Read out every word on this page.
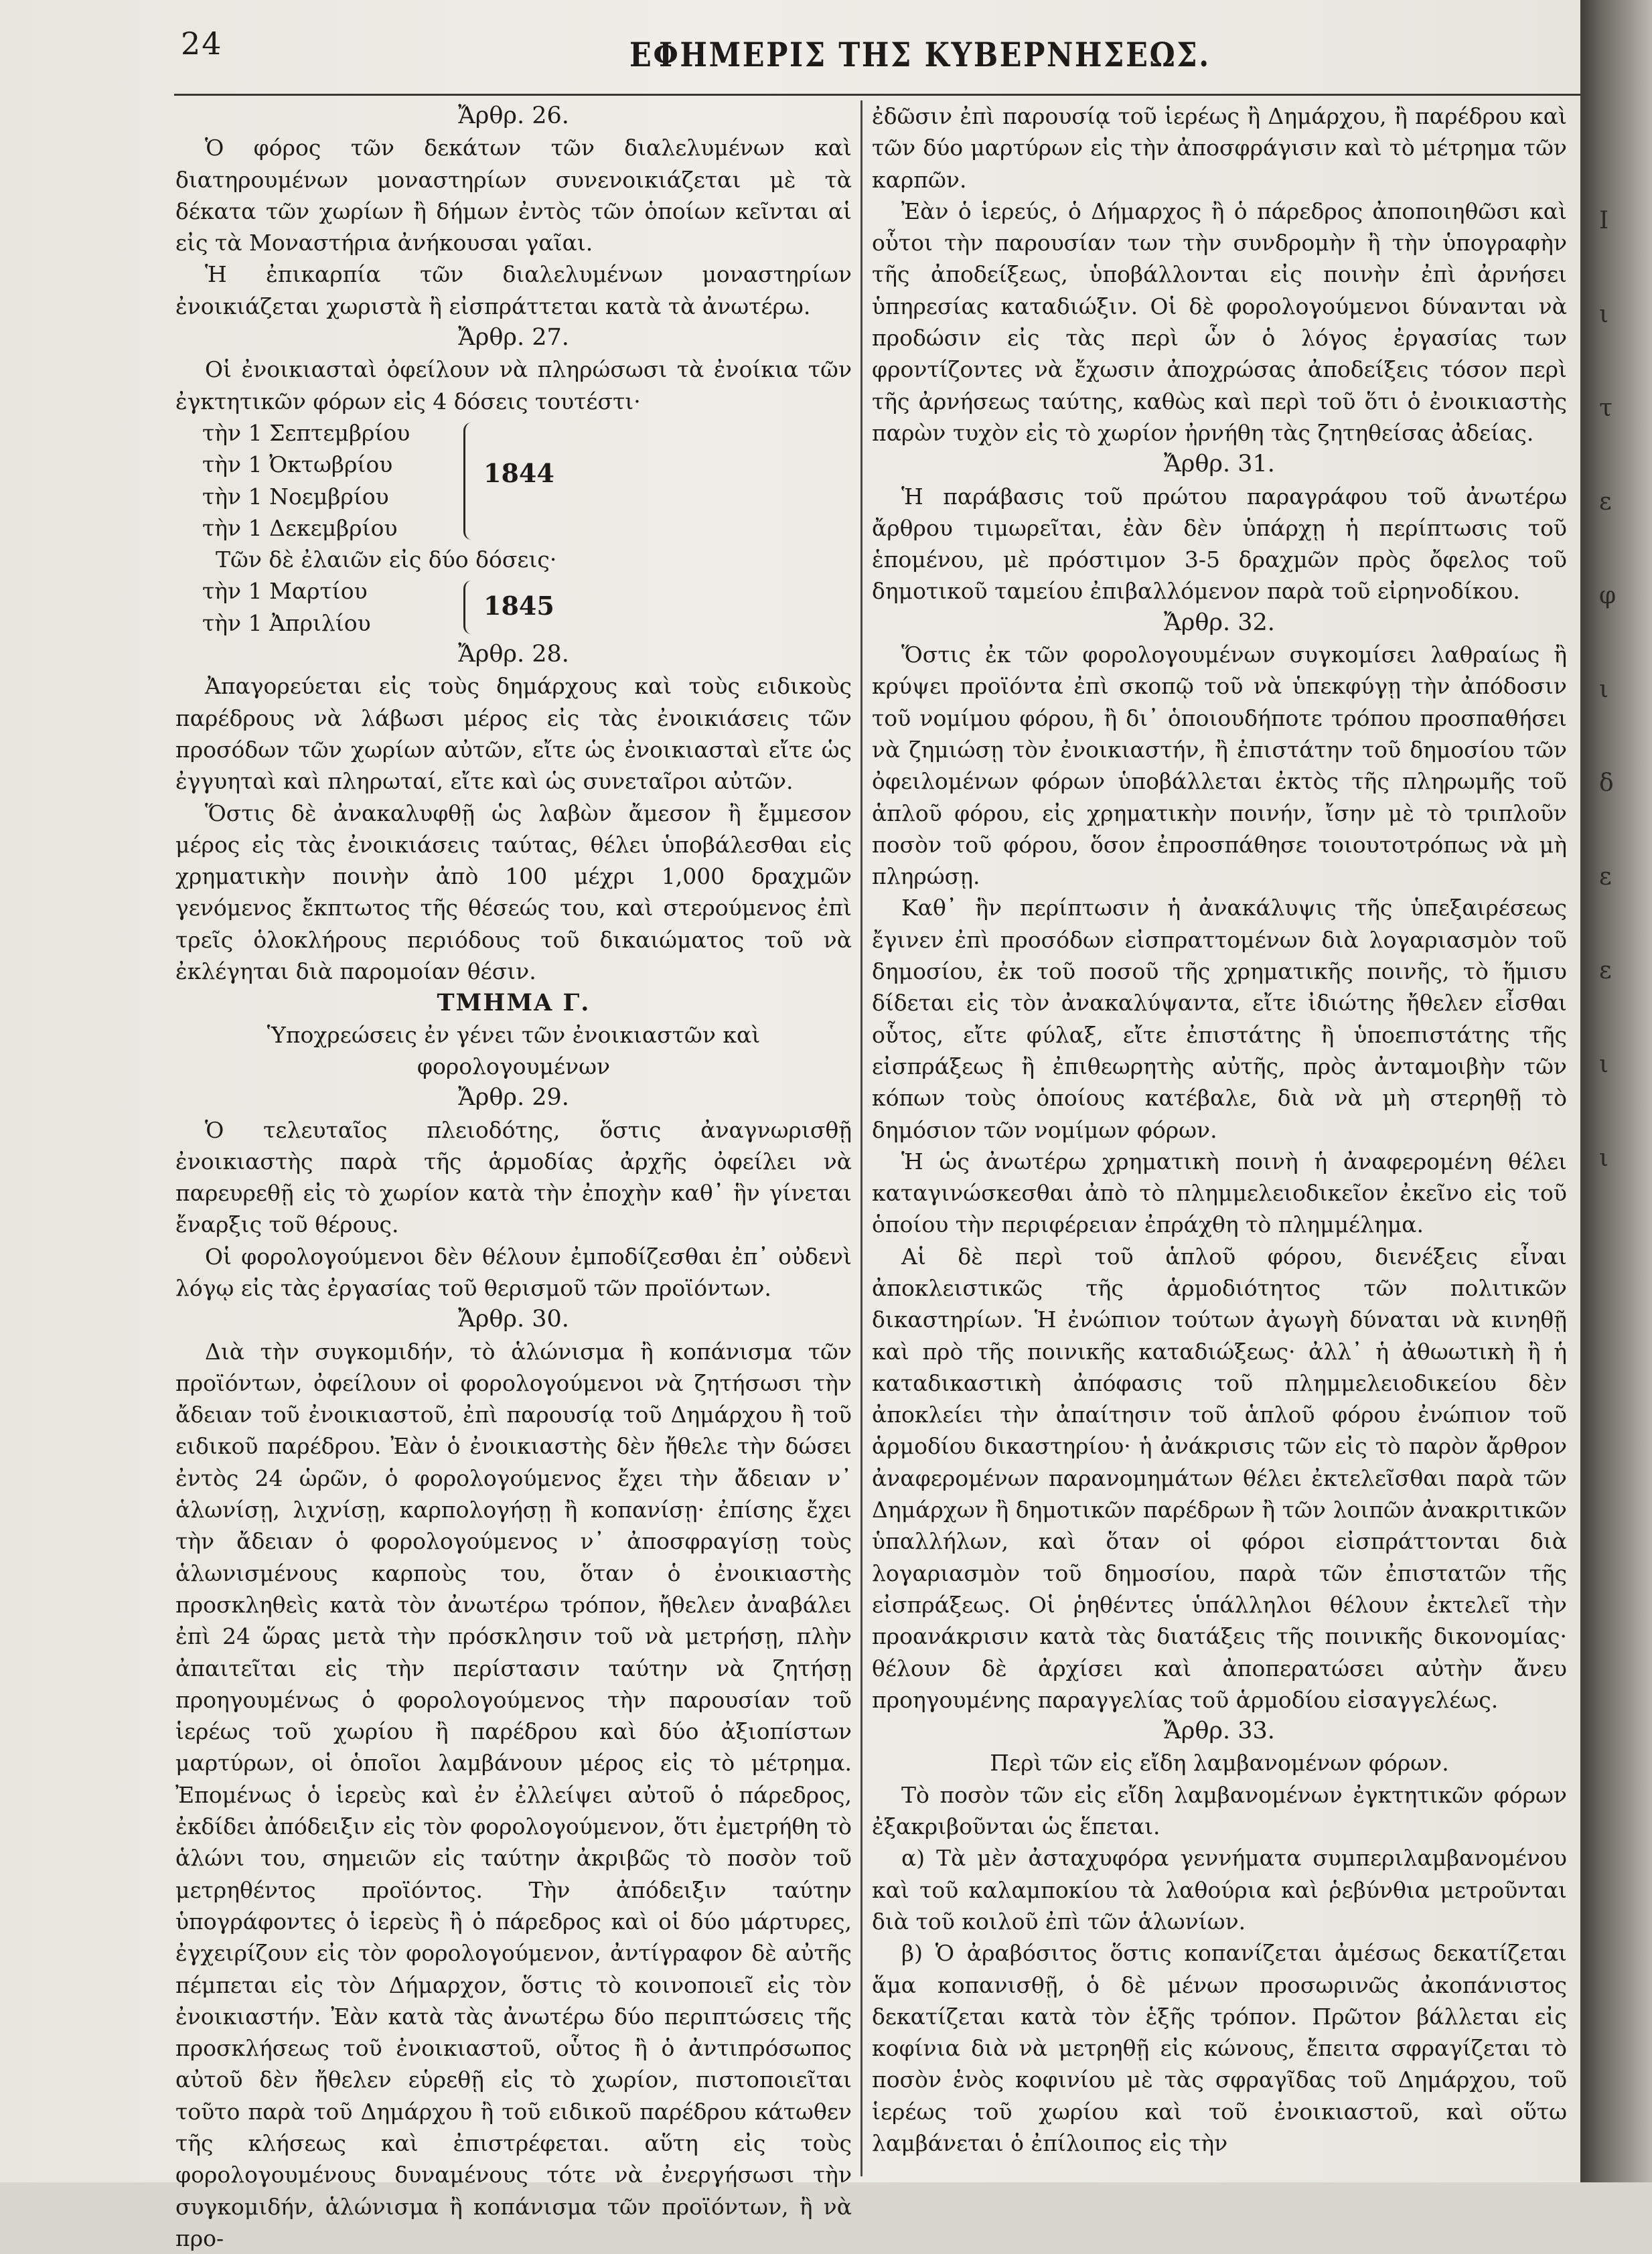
Ι
ι
τ
ε
φ
ι
δ
ε
ε
ι
ι
24	ΕΦΗΜΕΡΙΣ ΤΗΣ ΚΥΒΕΡΝΗΣΕΩΣ.
Ἄρθρ. 26.

Ὁ φόρος τῶν δεκάτων τῶν διαλελυμένων καὶ διατηρουμένων μοναστηρίων συνενοικιάζεται μὲ τὰ δέκατα τῶν χωρίων ἢ δήμων ἐντὸς τῶν ὁποίων κεῖνται αἱ εἰς τὰ Μοναστήρια ἀνήκουσαι γαῖαι.

Ἡ ἐπικαρπία τῶν διαλελυμένων μοναστηρίων ἐνοικιάζεται χωριστὰ ἢ εἰσπράττεται κατὰ τὰ ἀνωτέρω.

Ἄρθρ. 27.

Οἱ ἐνοικιασταὶ ὀφείλουν νὰ πληρώσωσι τὰ ἐνοίκια τῶν ἐγκτητικῶν φόρων εἰς 4 δόσεις τουτέστι·

1844
τὴν 1 Σεπτεμβρίου
τὴν 1 Ὀκτωβρίου
τὴν 1 Νοεμβρίου
τὴν 1 Δεκεμβρίου
Τῶν δὲ ἐλαιῶν εἰς δύο δόσεις·
1845
τὴν 1 Μαρτίου
τὴν 1 Ἀπριλίου
Ἄρθρ. 28.

Ἀπαγορεύεται εἰς τοὺς δημάρχους καὶ τοὺς ειδικοὺς παρέδρους νὰ λάβωσι μέρος εἰς τὰς ἐνοικιάσεις τῶν προσόδων τῶν χωρίων αὐτῶν, εἴτε ὡς ἐνοικιασταὶ εἴτε ὡς ἐγγυηταὶ καὶ πληρωταί, εἴτε καὶ ὡς συνεταῖροι αὐτῶν.

Ὅστις δὲ ἀνακαλυφθῇ ὡς λαβὼν ἄμεσον ἢ ἔμμεσον μέρος εἰς τὰς ἐνοικιάσεις ταύτας, θέλει ὑποβάλεσθαι εἰς χρηματικὴν ποινὴν ἀπὸ 100 μέχρι 1,000 δραχμῶν γενόμενος ἔκπτωτος τῆς θέσεώς του, καὶ στερούμενος ἐπὶ τρεῖς ὁλοκλήρους περιόδους τοῦ δικαιώματος τοῦ νὰ ἐκλέγηται διὰ παρομοίαν θέσιν.

ΤΜΗΜΑ Γ.
Ὑποχρεώσεις ἐν γένει τῶν ἐνοικιαστῶν καὶ φορολογουμένων
Ἄρθρ. 29.

Ὁ τελευταῖος πλειοδότης, ὅστις ἀναγνωρισθῇ ἐνοικιαστὴς παρὰ τῆς ἁρμοδίας ἀρχῆς ὀφείλει νὰ παρευρεθῇ εἰς τὸ χωρίον κατὰ τὴν ἐποχὴν καθ᾽ ἣν γίνεται ἔναρξις τοῦ θέρους.

Οἱ φορολογούμενοι δὲν θέλουν ἐμποδίζεσθαι ἐπ᾽ οὐδενὶ λόγῳ εἰς τὰς ἐργασίας τοῦ θερισμοῦ τῶν προϊόντων.

Ἄρθρ. 30.

Διὰ τὴν συγκομιδήν, τὸ ἁλώνισμα ἢ κοπάνισμα τῶν προϊόντων, ὀφείλουν οἱ φορολογούμενοι νὰ ζητήσωσι τὴν ἄδειαν τοῦ ἐνοικιαστοῦ, ἐπὶ παρουσίᾳ τοῦ Δημάρχου ἢ τοῦ ειδικοῦ παρέδρου. Ἐὰν ὁ ἐνοικιαστὴς δὲν ἤθελε τὴν δώσει ἐντὸς 24 ὡρῶν, ὁ φορολογούμενος ἔχει τὴν ἄδειαν ν᾽ ἁλωνίσῃ, λιχνίσῃ, καρπολογήσῃ ἢ κοπανίσῃ· ἐπίσης ἔχει τὴν ἄδειαν ὁ φορολογούμενος ν᾽ ἀποσφραγίσῃ τοὺς ἁλωνισμένους καρποὺς του, ὅταν ὁ ἐνοικιαστὴς προσκληθεὶς κατὰ τὸν ἀνωτέρω τρόπον, ἤθελεν ἀναβάλει ἐπὶ 24 ὥρας μετὰ τὴν πρόσκλησιν τοῦ νὰ μετρήσῃ, πλὴν ἀπαιτεῖται εἰς τὴν περίστασιν ταύτην νὰ ζητήσῃ προηγουμένως ὁ φορολογούμενος τὴν παρουσίαν τοῦ ἱερέως τοῦ χωρίου ἢ παρέδρου καὶ δύο ἀξιοπίστων μαρτύρων, οἱ ὁποῖοι λαμβάνουν μέρος εἰς τὸ μέτρημα. Ἐπομένως ὁ ἱερεὺς καὶ ἐν ἐλλείψει αὐτοῦ ὁ πάρεδρος, ἐκδίδει ἀπόδειξιν εἰς τὸν φορολογούμενον, ὅτι ἐμετρήθη τὸ ἁλώνι του, σημειῶν εἰς ταύτην ἀκριβῶς τὸ ποσὸν τοῦ μετρηθέντος προϊόντος. Τὴν ἀπόδειξιν ταύτην ὑπογράφοντες ὁ ἱερεὺς ἢ ὁ πάρεδρος καὶ οἱ δύο μάρτυρες, ἐγχειρίζουν εἰς τὸν φορολογούμενον, ἀντίγραφον δὲ αὐτῆς πέμπεται εἰς τὸν Δήμαρχον, ὅστις τὸ κοινοποιεῖ εἰς τὸν ἐνοικιαστήν. Ἐὰν κατὰ τὰς ἀνωτέρω δύο περιπτώσεις τῆς προσκλήσεως τοῦ ἐνοικιαστοῦ, οὗτος ἢ ὁ ἀντιπρόσωπος αὐτοῦ δὲν ἤθελεν εὑρεθῇ εἰς τὸ χωρίον, πιστοποιεῖται τοῦτο παρὰ τοῦ Δημάρχου ἢ τοῦ ειδικοῦ παρέδρου κάτωθεν τῆς κλήσεως καὶ ἐπιστρέφεται. αὕτη εἰς τοὺς φορολογουμένους δυναμένους τότε νὰ ἐνεργήσωσι τὴν συγκομιδήν, ἁλώνισμα ἢ κοπάνισμα τῶν προϊόντων, ἢ νὰ προ-

ἐδῶσιν ἐπὶ παρουσίᾳ τοῦ ἱερέως ἢ Δημάρχου, ἢ παρέδρου καὶ τῶν δύο μαρτύρων εἰς τὴν ἀποσφράγισιν καὶ τὸ μέτρημα τῶν καρπῶν.

Ἐὰν ὁ ἱερεύς, ὁ Δήμαρχος ἢ ὁ πάρεδρος ἀποποιηθῶσι καὶ οὗτοι τὴν παρουσίαν των τὴν συνδρομὴν ἢ τὴν ὑπογραφὴν τῆς ἀποδείξεως, ὑποβάλλονται εἰς ποινὴν ἐπὶ ἀρνήσει ὑπηρεσίας καταδιώξιν. Οἱ δὲ φορολογούμενοι δύνανται νὰ προδώσιν εἰς τὰς περὶ ὧν ὁ λόγος ἐργασίας των φροντίζοντες νὰ ἔχωσιν ἀποχρώσας ἀποδείξεις τόσον περὶ τῆς ἀρνήσεως ταύτης, καθὼς καὶ περὶ τοῦ ὅτι ὁ ἐνοικιαστὴς παρὼν τυχὸν εἰς τὸ χωρίον ἠρνήθη τὰς ζητηθείσας ἀδείας.

Ἄρθρ. 31.

Ἡ παράβασις τοῦ πρώτου παραγράφου τοῦ ἀνωτέρω ἄρθρου τιμωρεῖται, ἐὰν δὲν ὑπάρχῃ ἡ περίπτωσις τοῦ ἑπομένου, μὲ πρόστιμον 3-5 δραχμῶν πρὸς ὄφελος τοῦ δημοτικοῦ ταμείου ἐπιβαλλόμενον παρὰ τοῦ εἰρηνοδίκου.

Ἄρθρ. 32.

Ὅστις ἐκ τῶν φορολογουμένων συγκομίσει λαθραίως ἢ κρύψει προϊόντα ἐπὶ σκοπῷ τοῦ νὰ ὑπεκφύγῃ τὴν ἀπόδοσιν τοῦ νομίμου φόρου, ἢ δι᾽ ὁποιουδήποτε τρόπου προσπαθήσει νὰ ζημιώσῃ τὸν ἐνοικιαστήν, ἢ ἐπιστάτην τοῦ δημοσίου τῶν ὀφειλομένων φόρων ὑποβάλλεται ἐκτὸς τῆς πληρωμῆς τοῦ ἁπλοῦ φόρου, εἰς χρηματικὴν ποινήν, ἴσην μὲ τὸ τριπλοῦν ποσὸν τοῦ φόρου, ὅσον ἐπροσπάθησε τοιουτοτρόπως νὰ μὴ πληρώσῃ.

Καθ᾽ ἣν περίπτωσιν ἡ ἀνακάλυψις τῆς ὑπεξαιρέσεως ἔγινεν ἐπὶ προσόδων εἰσπραττομένων διὰ λογαριασμὸν τοῦ δημοσίου, ἐκ τοῦ ποσοῦ τῆς χρηματικῆς ποινῆς, τὸ ἥμισυ δίδεται εἰς τὸν ἀνακαλύψαντα, εἴτε ἰδιώτης ἤθελεν εἶσθαι οὗτος, εἴτε φύλαξ, εἴτε ἐπιστάτης ἢ ὑποεπιστάτης τῆς εἰσπράξεως ἢ ἐπιθεωρητὴς αὐτῆς, πρὸς ἀνταμοιβὴν τῶν κόπων τοὺς ὁποίους κατέβαλε, διὰ νὰ μὴ στερηθῇ τὸ δημόσιον τῶν νομίμων φόρων.

Ἡ ὡς ἀνωτέρω χρηματικὴ ποινὴ ἡ ἀναφερομένη θέλει καταγινώσκεσθαι ἀπὸ τὸ πλημμελειοδικεῖον ἐκεῖνο εἰς τοῦ ὁποίου τὴν περιφέρειαν ἐπράχθη τὸ πλημμέλημα.

Αἱ δὲ περὶ τοῦ ἁπλοῦ φόρου, διενέξεις εἶναι ἀποκλειστικῶς τῆς ἁρμοδιότητος τῶν πολιτικῶν δικαστηρίων. Ἡ ἐνώπιον τούτων ἀγωγὴ δύναται νὰ κινηθῇ καὶ πρὸ τῆς ποινικῆς καταδιώξεως· ἀλλ᾽ ἡ ἀθωωτικὴ ἢ ἡ καταδικαστικὴ ἀπόφασις τοῦ πλημμελειοδικείου δὲν ἀποκλείει τὴν ἀπαίτησιν τοῦ ἁπλοῦ φόρου ἐνώπιον τοῦ ἁρμοδίου δικαστηρίου· ἡ ἀνάκρισις τῶν εἰς τὸ παρὸν ἄρθρον ἀναφερομένων παρανομημάτων θέλει ἐκτελεῖσθαι παρὰ τῶν Δημάρχων ἢ δημοτικῶν παρέδρων ἢ τῶν λοιπῶν ἀνακριτικῶν ὑπαλλήλων, καὶ ὅταν οἱ φόροι εἰσπράττονται διὰ λογαριασμὸν τοῦ δημοσίου, παρὰ τῶν ἐπιστατῶν τῆς εἰσπράξεως. Οἱ ῥηθέντες ὑπάλληλοι θέλουν ἐκτελεῖ τὴν προανάκρισιν κατὰ τὰς διατάξεις τῆς ποινικῆς δικονομίας· θέλουν δὲ ἀρχίσει καὶ ἀποπερατώσει αὐτὴν ἄνευ προηγουμένης παραγγελίας τοῦ ἁρμοδίου εἰσαγγελέως.

Ἄρθρ. 33.
Περὶ τῶν εἰς εἴδη λαμβανομένων φόρων.

Τὸ ποσὸν τῶν εἰς εἴδη λαμβανομένων ἐγκτητικῶν φόρων ἐξακριβοῦνται ὡς ἕπεται.

α) Τὰ μὲν ἀσταχυφόρα γεννήματα συμπεριλαμβανομένου καὶ τοῦ καλαμποκίου τὰ λαθούρια καὶ ῥεβύνθια μετροῦνται διὰ τοῦ κοιλοῦ ἐπὶ τῶν ἁλωνίων.

β) Ὁ ἀραβόσιτος ὅστις κοπανίζεται ἀμέσως δεκατίζεται ἅμα κοπανισθῇ, ὁ δὲ μένων προσωρινῶς ἀκοπάνιστος δεκατίζεται κατὰ τὸν ἑξῆς τρόπον. Πρῶτον βάλλεται εἰς κοφίνια διὰ νὰ μετρηθῇ εἰς κώνους, ἔπειτα σφραγίζεται τὸ ποσὸν ἑνὸς κοφινίου μὲ τὰς σφραγῖδας τοῦ Δημάρχου, τοῦ ἱερέως τοῦ χωρίου καὶ τοῦ ἐνοικιαστοῦ, καὶ οὕτω λαμβάνεται ὁ ἐπίλοιπος εἰς τὴν
